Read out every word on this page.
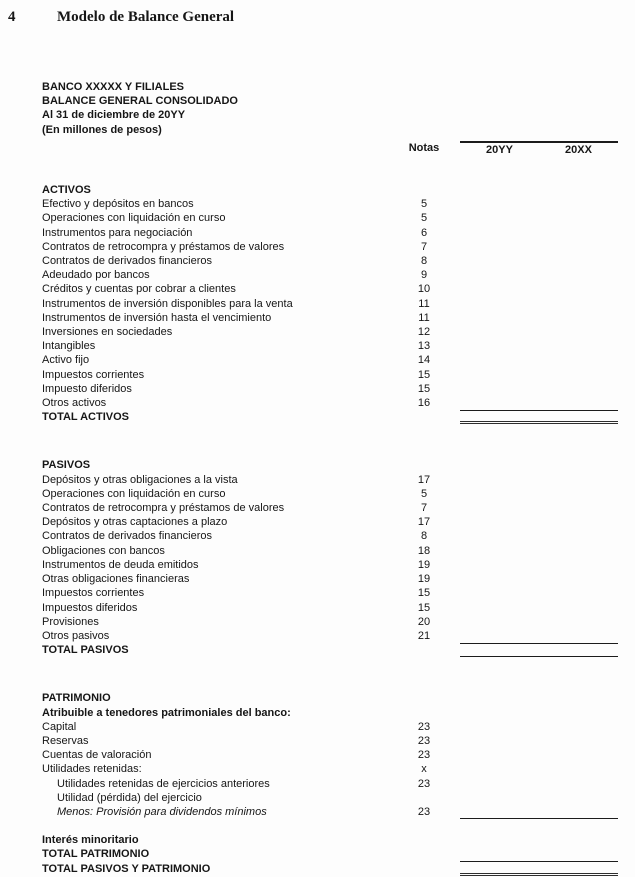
4	Modelo de Balance General
BANCO XXXXX Y FILIALES
BALANCE GENERAL CONSOLIDADO
Al 31 de diciembre de 20YY
(En millones de pesos)
Notas	20YY	20XX
ACTIVOS
Efectivo y depósitos en bancos	5
Operaciones con liquidación en curso	5
Instrumentos para negociación	6
Contratos de retrocompra y préstamos de valores	7
Contratos de derivados financieros	8
Adeudado por bancos	9
Créditos y cuentas por cobrar a clientes	10
Instrumentos de inversión disponibles para la venta	11
Instrumentos de inversión hasta el vencimiento	11
Inversiones en sociedades	12
Intangibles	13
Activo fijo	14
Impuestos corrientes	15
Impuesto diferidos	15
Otros activos	16
TOTAL ACTIVOS
PASIVOS
Depósitos y otras obligaciones a la vista	17
Operaciones con liquidación en curso	5
Contratos de retrocompra y préstamos de valores	7
Depósitos y otras captaciones a plazo	17
Contratos de derivados financieros	8
Obligaciones con bancos	18
Instrumentos de deuda emitidos	19
Otras obligaciones financieras	19
Impuestos corrientes	15
Impuestos diferidos	15
Provisiones	20
Otros pasivos	21
TOTAL PASIVOS
PATRIMONIO
Atribuible a tenedores patrimoniales del banco:
Capital	23
Reservas	23
Cuentas de valoración	23
Utilidades retenidas:	x
Utilidades retenidas de ejercicios anteriores	23
Utilidad (pérdida) del ejercicio
Menos: Provisión para dividendos mínimos	23
Interés minoritario
TOTAL PATRIMONIO
TOTAL PASIVOS Y PATRIMONIO
